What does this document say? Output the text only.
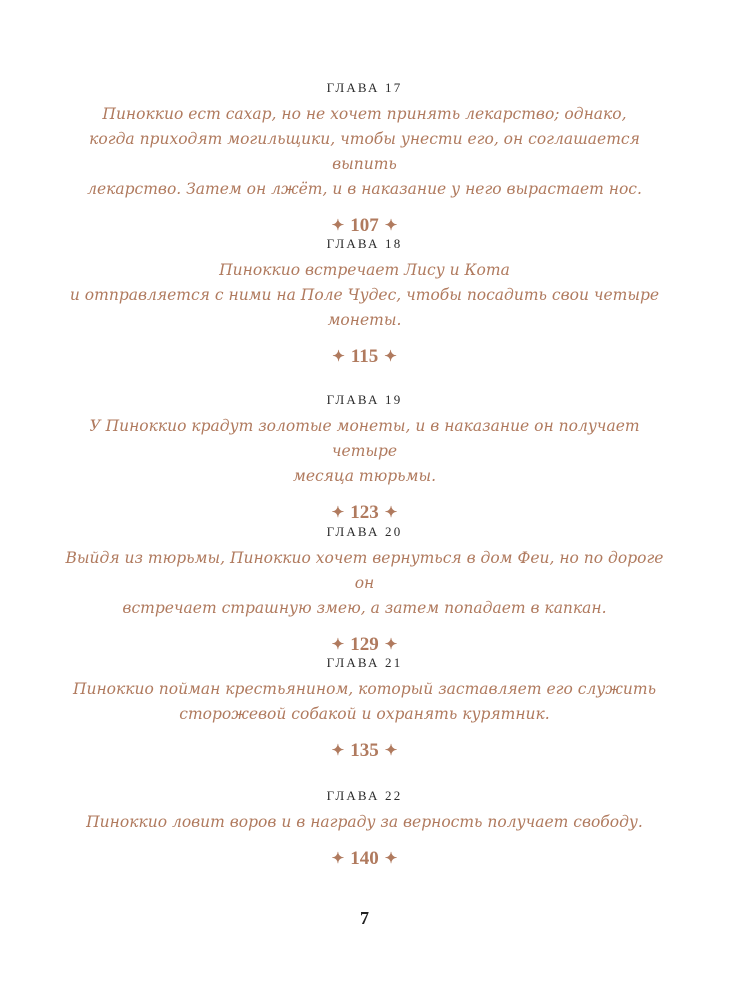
ГЛАВА 17

Пиноккио ест сахар, но не хочет принять лекарство; однако,
когда приходят могильщики, чтобы унести его, он соглашается выпить
лекарство. Затем он лжёт, и в наказание у него вырастает нос.

✦ 107 ✦
ГЛАВА 18

Пиноккио встречает Лису и Кота
и отправляется с ними на Поле Чудес, чтобы посадить свои четыре
монеты.

✦ 115 ✦
ГЛАВА 19

У Пиноккио крадут золотые монеты, и в наказание он получает четыре
месяца тюрьмы.

✦ 123 ✦
ГЛАВА 20

Выйдя из тюрьмы, Пиноккио хочет вернуться в дом Феи, но по дороге он
встречает страшную змею, а затем попадает в капкан.

✦ 129 ✦
ГЛАВА 21

Пиноккио пойман крестьянином, который заставляет его служить
сторожевой собакой и охранять курятник.

✦ 135 ✦
ГЛАВА 22

Пиноккио ловит воров и в награду за верность получает свободу.

✦ 140 ✦
7
